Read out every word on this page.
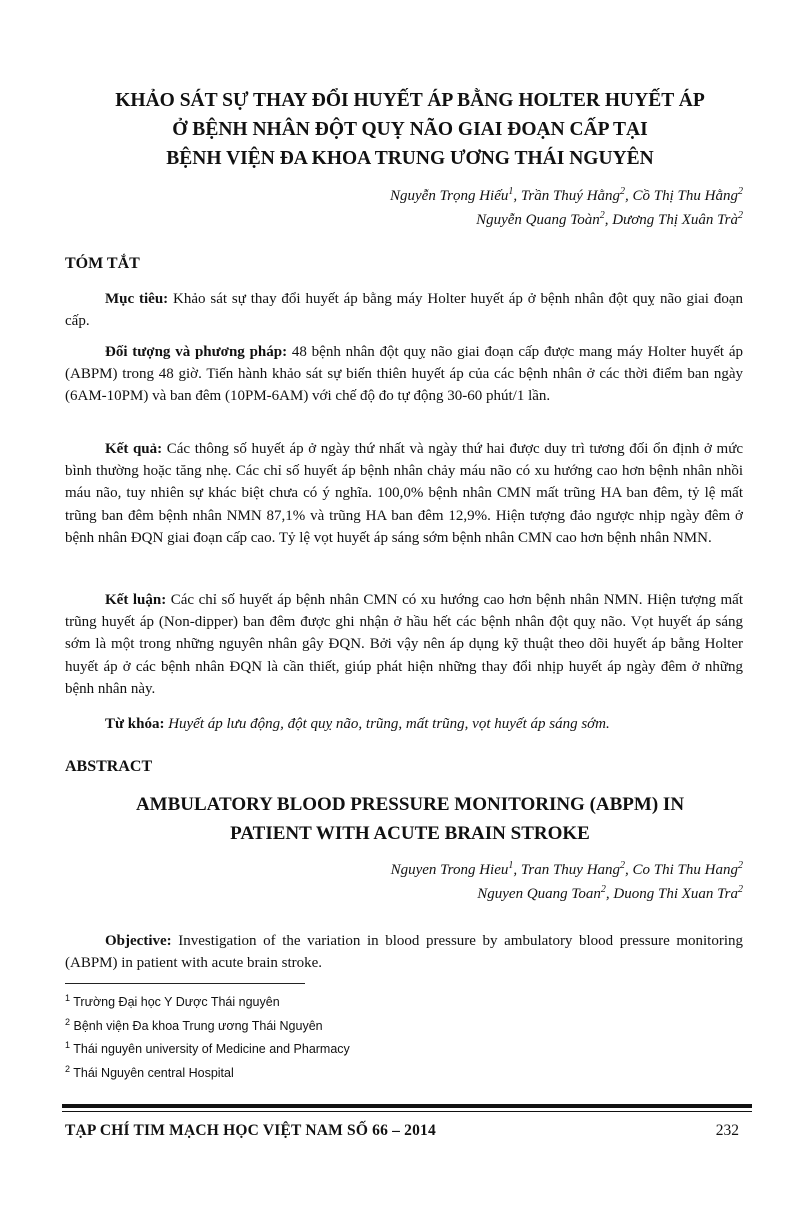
KHẢO SÁT SỰ THAY ĐỔI HUYẾT ÁP BẰNG HOLTER HUYẾT ÁP
Ở BỆNH NHÂN ĐỘT QUỴ NÃO GIAI ĐOẠN CẤP TẠI
BỆNH VIỆN ĐA KHOA TRUNG ƯƠNG THÁI NGUYÊN
Nguyễn Trọng Hiếu$^1$, Trần Thuý Hằng$^2$, Cồ Thị Thu Hằng$^2$
Nguyễn Quang Toàn$^2$, Dương Thị Xuân Trà$^2$
TÓM TẮT

Mục tiêu: Khảo sát sự thay đổi huyết áp bằng máy Holter huyết áp ở bệnh nhân đột quỵ não giai đoạn cấp.

Đối tượng và phương pháp: 48 bệnh nhân đột quỵ não giai đoạn cấp được mang máy Holter huyết áp (ABPM) trong 48 giờ. Tiến hành khảo sát sự biến thiên huyết áp của các bệnh nhân ở các thời điểm ban ngày (6AM-10PM) và ban đêm (10PM-6AM) với chế độ đo tự động 30-60 phút/1 lần.

Kết quả: Các thông số huyết áp ở ngày thứ nhất và ngày thứ hai được duy trì tương đối ổn định ở mức bình thường hoặc tăng nhẹ. Các chỉ số huyết áp bệnh nhân chảy máu não có xu hướng cao hơn bệnh nhân nhồi máu não, tuy nhiên sự khác biệt chưa có ý nghĩa. 100,0% bệnh nhân CMN mất trũng HA ban đêm, tỷ lệ mất trũng ban đêm bệnh nhân NMN 87,1% và trũng HA ban đêm 12,9%. Hiện tượng đảo ngược nhịp ngày đêm ở bệnh nhân ĐQN giai đoạn cấp cao. Tỷ lệ vọt huyết áp sáng sớm bệnh nhân CMN cao hơn bệnh nhân NMN.

Kết luận: Các chỉ số huyết áp bệnh nhân CMN có xu hướng cao hơn bệnh nhân NMN. Hiện tượng mất trũng huyết áp (Non-dipper) ban đêm được ghi nhận ở hầu hết các bệnh nhân đột quỵ não. Vọt huyết áp sáng sớm là một trong những nguyên nhân gây ĐQN. Bởi vậy nên áp dụng kỹ thuật theo dõi huyết áp bằng Holter huyết áp ở các bệnh nhân ĐQN là cần thiết, giúp phát hiện những thay đổi nhịp huyết áp ngày đêm ở những bệnh nhân này.

Từ khóa: Huyết áp lưu động, đột quỵ não, trũng, mất trũng, vọt huyết áp sáng sớm.

ABSTRACT
AMBULATORY BLOOD PRESSURE MONITORING (ABPM) IN
PATIENT WITH ACUTE BRAIN STROKE
Nguyen Trong Hieu$^1$, Tran Thuy Hang$^2$, Co Thi Thu Hang$^2$
Nguyen Quang Toan$^2$, Duong Thi Xuan Tra$^2$

Objective: Investigation of the variation in blood pressure by ambulatory blood pressure monitoring (ABPM) in patient with acute brain stroke.

$^1$ Trường Đại học Y Dược Thái nguyên
$^2$ Bệnh viện Đa khoa Trung ương Thái Nguyên
$^1$ Thái nguyên university of Medicine and Pharmacy
$^2$ Thái Nguyên central Hospital
TẠP CHÍ TIM MẠCH HỌC VIỆT NAM SỐ 66 – 2014	232
